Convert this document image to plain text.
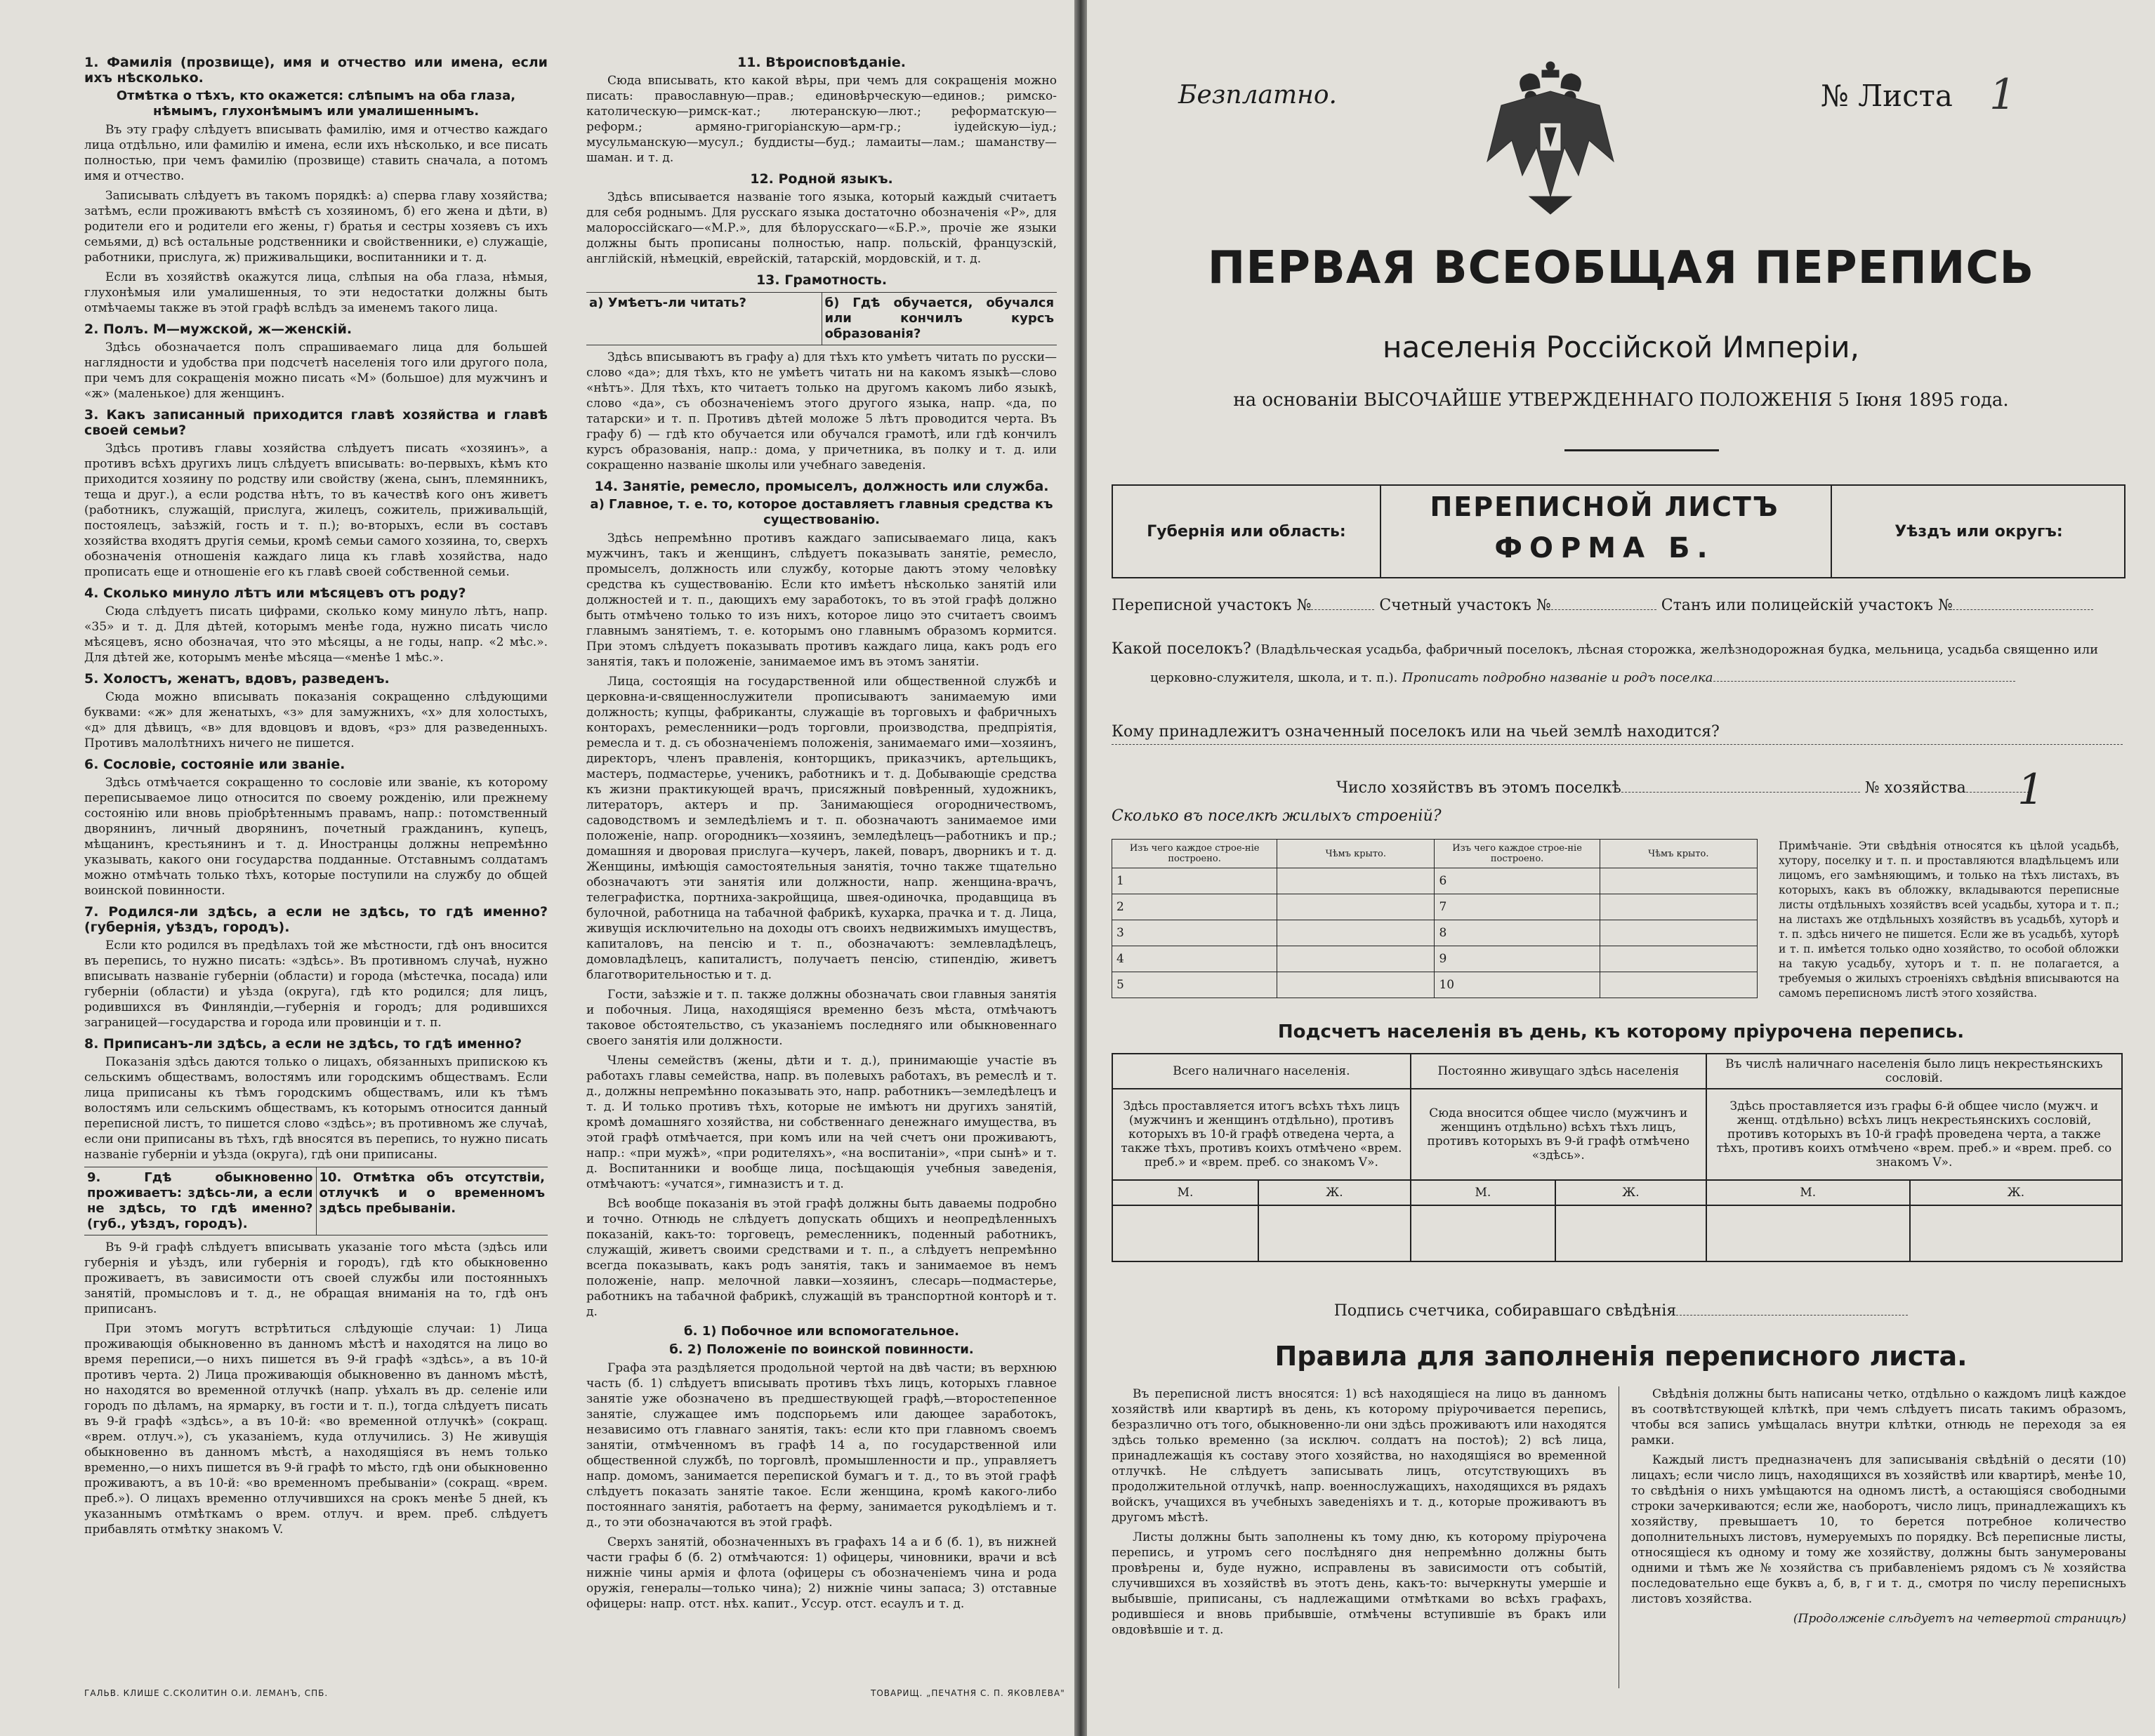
1. Фамилія (прозвище), имя и отчество или имена, если ихъ нѣсколько.
Отмѣтка о тѣхъ, кто окажется: слѣпымъ на оба глаза, нѣмымъ, глухонѣмымъ или умалишеннымъ.

Въ эту графу слѣдуетъ вписывать фамилію, имя и отчество каждаго лица отдѣльно, или фамилію и имена, если ихъ нѣсколько, и все писать полностью, при чемъ фамилію (прозвище) ставить сначала, а потомъ имя и отчество.

Записывать слѣдуетъ въ такомъ порядкѣ: а) сперва главу хозяйства; затѣмъ, если проживаютъ вмѣстѣ съ хозяиномъ, б) его жена и дѣти, в) родители его и родители его жены, г) братья и сестры хозяевъ съ ихъ семьями, д) всѣ остальные родственники и свойственники, е) служащіе, работники, прислуга, ж) приживальщики, воспитанники и т. д.

Если въ хозяйствѣ окажутся лица, слѣпыя на оба глаза, нѣмыя, глухонѣмыя или умалишенныя, то эти недостатки должны быть отмѣчаемы также въ этой графѣ вслѣдъ за именемъ такого лица.

2. Полъ. М—мужской, ж—женскій.

Здѣсь обозначается полъ спрашиваемаго лица для большей наглядности и удобства при подсчетѣ населенія того или другого пола, при чемъ для сокращенія можно писать «М» (большое) для мужчинъ и «ж» (маленькое) для женщинъ.

3. Какъ записанный приходится главѣ хозяйства и главѣ своей семьи?

Здѣсь противъ главы хозяйства слѣдуетъ писать «хозяинъ», а противъ всѣхъ другихъ лицъ слѣдуетъ вписывать: во-первыхъ, кѣмъ кто приходится хозяину по родству или свойству (жена, сынъ, племянникъ, теща и друг.), а если родства нѣтъ, то въ качествѣ кого онъ живетъ (работникъ, служащій, прислуга, жилецъ, сожитель, приживальщій, постоялецъ, заѣзжій, гость и т. п.); во-вторыхъ, если въ составъ хозяйства входятъ другія семьи, кромѣ семьи самого хозяина, то, сверхъ обозначенія отношенія каждаго лица къ главѣ хозяйства, надо прописать еще и отношеніе его къ главѣ своей собственной семьи.

4. Сколько минуло лѣтъ или мѣсяцевъ отъ роду?

Сюда слѣдуетъ писать цифрами, сколько кому минуло лѣтъ, напр. «35» и т. д. Для дѣтей, которымъ менѣе года, нужно писать число мѣсяцевъ, ясно обозначая, что это мѣсяцы, а не годы, напр. «2 мѣс.». Для дѣтей же, которымъ менѣе мѣсяца—«менѣе 1 мѣс.».

5. Холостъ, женатъ, вдовъ, разведенъ.

Сюда можно вписывать показанія сокращенно слѣдующими буквами: «ж» для женатыхъ, «з» для замужнихъ, «х» для холостыхъ, «д» для дѣвицъ, «в» для вдовцовъ и вдовъ, «рз» для разведенныхъ. Противъ малолѣтнихъ ничего не пишется.

6. Сословіе, состояніе или званіе.

Здѣсь отмѣчается сокращенно то сословіе или званіе, къ которому переписываемое лицо относится по своему рожденію, или прежнему состоянію или вновь пріобрѣтеннымъ правамъ, напр.: потомственный дворянинъ, личный дворянинъ, почетный гражданинъ, купецъ, мѣщанинъ, крестьянинъ и т. д. Иностранцы должны непремѣнно указывать, какого они государства подданные. Отставнымъ солдатамъ можно отмѣчать только тѣхъ, которые поступили на службу до общей воинской повинности.

7. Родился-ли здѣсь, а если не здѣсь, то гдѣ именно? (губернія, уѣздъ, городъ).

Если кто родился въ предѣлахъ той же мѣстности, гдѣ онъ вносится въ перепись, то нужно писать: «здѣсь». Въ противномъ случаѣ, нужно вписывать названіе губерніи (области) и города (мѣстечка, посада) или губерніи (области) и уѣзда (округа), гдѣ кто родился; для лицъ, родившихся въ Финляндіи,—губернія и городъ; для родившихся заграницей—государства и города или провинціи и т. п.

8. Приписанъ-ли здѣсь, а если не здѣсь, то гдѣ именно?

Показанія здѣсь даются только о лицахъ, обязанныхъ припискою къ сельскимъ обществамъ, волостямъ или городскимъ обществамъ. Если лица приписаны къ тѣмъ городскимъ обществамъ, или къ тѣмъ волостямъ или сельскимъ обществамъ, къ которымъ относится данный переписной листъ, то пишется слово «здѣсь»; въ противномъ же случаѣ, если они приписаны въ тѣхъ, гдѣ вносятся въ перепись, то нужно писать названіе губерніи и уѣзда (округа), гдѣ они приписаны.

9. Гдѣ обыкновенно проживаетъ: здѣсь-ли, а если не здѣсь, то гдѣ именно? (губ., уѣздъ, городъ).
10. Отмѣтка объ отсутствіи, отлучкѣ и о временномъ здѣсь пребываніи.

Въ 9-й графѣ слѣдуетъ вписывать указаніе того мѣста (здѣсь или губернія и уѣздъ, или губернія и городъ), гдѣ кто обыкновенно проживаетъ, въ зависимости отъ своей службы или постоянныхъ занятій, промысловъ и т. д., не обращая вниманія на то, гдѣ онъ приписанъ.

При этомъ могутъ встрѣтиться слѣдующіе случаи: 1) Лица проживающія обыкновенно въ данномъ мѣстѣ и находятся на лицо во время переписи,—о нихъ пишется въ 9-й графѣ «здѣсь», а въ 10-й противъ черта. 2) Лица проживающія обыкновенно въ данномъ мѣстѣ, но находятся во временной отлучкѣ (напр. уѣхалъ въ др. селеніе или городъ по дѣламъ, на ярмарку, въ гости и т. п.), тогда слѣдуетъ писать въ 9-й графѣ «здѣсь», а въ 10-й: «во временной отлучкѣ» (сокращ. «врем. отлуч.»), съ указаніемъ, куда отлучились. 3) Не живущія обыкновенно въ данномъ мѣстѣ, а находящіяся въ немъ только временно,—о нихъ пишется въ 9-й графѣ то мѣсто, гдѣ они обыкновенно проживаютъ, а въ 10-й: «во временномъ пребываніи» (сокращ. «врем. преб.»). О лицахъ временно отлучившихся на срокъ менѣе 5 дней, къ указаннымъ отмѣткамъ о врем. отлуч. и врем. преб. слѣдуетъ прибавлять отмѣтку знакомъ V.

11. Вѣроисповѣданіе.

Сюда вписывать, кто какой вѣры, при чемъ для сокращенія можно писать: православную—прав.; единовѣрческую—единов.; римско-католическую—римск-кат.; лютеранскую—лют.; реформатскую—реформ.; армяно-григоріанскую—арм-гр.; іудейскую—іуд.; мусульманскую—мусул.; буддисты—буд.; ламаиты—лам.; шаманству—шаман. и т. д.

12. Родной языкъ.

Здѣсь вписывается названіе того языка, который каждый считаетъ для себя роднымъ. Для русскаго языка достаточно обозначенія «Р», для малороссійскаго—«М.Р.», для бѣлорусскаго—«Б.Р.», прочіе же языки должны быть прописаны полностью, напр. польскій, французскій, англійскій, нѣмецкій, еврейскій, татарскій, мордовскій, и т. д.

13. Грамотность.
а) Умѣетъ-ли читать?	б) Гдѣ обучается, обучался или кончилъ курсъ образованія?

Здѣсь вписываютъ въ графу а) для тѣхъ кто умѣетъ читать по русски—слово «да»; для тѣхъ, кто не умѣетъ читать ни на какомъ языкѣ—слово «нѣтъ». Для тѣхъ, кто читаетъ только на другомъ какомъ либо языкѣ, слово «да», съ обозначеніемъ этого другого языка, напр. «да, по татарски» и т. п. Противъ дѣтей моложе 5 лѣтъ проводится черта. Въ графу б) — гдѣ кто обучается или обучался грамотѣ, или гдѣ кончилъ курсъ образованія, напр.: дома, у причетника, въ полку и т. д. или сокращенно названіе школы или учебнаго заведенія.

14. Занятіе, ремесло, промыселъ, должность или служба.
а) Главное, т. е. то, которое доставляетъ главныя средства къ существованію.

Здѣсь непремѣнно противъ каждаго записываемаго лица, какъ мужчинъ, такъ и женщинъ, слѣдуетъ показывать занятіе, ремесло, промыселъ, должность или службу, которые даютъ этому человѣку средства къ существованію. Если кто имѣетъ нѣсколько занятій или должностей и т. п., дающихъ ему заработокъ, то въ этой графѣ должно быть отмѣчено только то изъ нихъ, которое лицо это считаетъ своимъ главнымъ занятіемъ, т. е. которымъ оно главнымъ образомъ кормится. При этомъ слѣдуетъ показывать противъ каждаго лица, какъ родъ его занятія, такъ и положеніе, занимаемое имъ въ этомъ занятіи.

Лица, состоящія на государственной или общественной службѣ и церковна-и-священнослужители прописываютъ занимаемую ими должность; купцы, фабриканты, служащіе въ торговыхъ и фабричныхъ конторахъ, ремесленники—родъ торговли, производства, предпріятія, ремесла и т. д. съ обозначеніемъ положенія, занимаемаго ими—хозяинъ, директоръ, членъ правленія, конторщикъ, приказчикъ, артельщикъ, мастеръ, подмастерье, ученикъ, работникъ и т. д. Добывающіе средства къ жизни практикующей врачъ, присяжный повѣренный, художникъ, литераторъ, актеръ и пр. Занимающіеся огородничествомъ, садоводствомъ и земледѣліемъ и т. п. обозначаютъ занимаемое ими положеніе, напр. огородникъ—хозяинъ, земледѣлецъ—работникъ и пр.; домашняя и дворовая прислуга—кучеръ, лакей, поваръ, дворникъ и т. д. Женщины, имѣющія самостоятельныя занятія, точно также тщательно обозначаютъ эти занятія или должности, напр. женщина-врачъ, телеграфистка, портниха-закройщица, швея-одиночка, продавщица въ булочной, работница на табачной фабрикѣ, кухарка, прачка и т. д. Лица, живущія исключительно на доходы отъ своихъ недвижимыхъ имуществъ, капиталовъ, на пенсію и т. п., обозначаютъ: землевладѣлецъ, домовладѣлецъ, капиталистъ, получаетъ пенсію, стипендію, живетъ благотворительностью и т. д.

Гости, заѣзжіе и т. п. также должны обозначать свои главныя занятія и побочныя. Лица, находящіяся временно безъ мѣста, отмѣчаютъ таковое обстоятельство, съ указаніемъ последняго или обыкновеннаго своего занятія или должности.

Члены семействъ (жены, дѣти и т. д.), принимающіе участіе въ работахъ главы семейства, напр. въ полевыхъ работахъ, въ ремеслѣ и т. д., должны непремѣнно показывать это, напр. работникъ—земледѣлецъ и т. д. И только противъ тѣхъ, которые не имѣютъ ни другихъ занятій, кромѣ домашняго хозяйства, ни собственнаго денежнаго имущества, въ этой графѣ отмѣчается, при комъ или на чей счетъ они проживаютъ, напр.: «при мужѣ», «при родителяхъ», «на воспитаніи», «при сынѣ» и т. д. Воспитанники и вообще лица, посѣщающія учебныя заведенія, отмѣчаютъ: «учатся», гимназистъ и т. д.

Всѣ вообще показанія въ этой графѣ должны быть даваемы подробно и точно. Отнюдь не слѣдуетъ допускать общихъ и неопредѣленныхъ показаній, какъ-то: торговецъ, ремесленникъ, поденный работникъ, служащій, живетъ своими средствами и т. п., а слѣдуетъ непремѣнно всегда показывать, какъ родъ занятія, такъ и занимаемое въ немъ положеніе, напр. мелочной лавки—хозяинъ, слесарь—подмастерье, работникъ на табачной фабрикѣ, служащій въ транспортной конторѣ и т. д.

б. 1) Побочное или вспомогательное.
б. 2) Положеніе по воинской повинности.

Графа эта раздѣляется продольной чертой на двѣ части; въ верхнюю часть (б. 1) слѣдуетъ вписывать противъ тѣхъ лицъ, которыхъ главное занятіе уже обозначено въ предшествующей графѣ,—второстепенное занятіе, служащее имъ подспорьемъ или дающее заработокъ, независимо отъ главнаго занятія, такъ: если кто при главномъ своемъ занятіи, отмѣченномъ въ графѣ 14 а, по государственной или общественной службѣ, по торговлѣ, промышленности и пр., управляетъ напр. домомъ, занимается перепиской бумагъ и т. д., то въ этой графѣ слѣдуетъ показать занятіе такое. Если женщина, кромѣ какого-либо постояннаго занятія, работаетъ на ферму, занимается рукодѣліемъ и т. д., то эти обозначаются въ этой графѣ.

Сверхъ занятій, обозначенныхъ въ графахъ 14 а и б (б. 1), въ нижней части графы б (б. 2) отмѣчаются: 1) офицеры, чиновники, врачи и всѣ нижніе чины армія и флота (офицеры съ обозначеніемъ чина и рода оружія, генералы—только чина); 2) нижніе чины запаса; 3) отставные офицеры: напр. отст. нѣх. капит., Уссур. отст. есаулъ и т. д.

ГАЛЬВ. КЛИШЕ С.СКОЛИТИН О.И. ЛЕМАНЪ, СПБ.	ТОВАРИЩ. „ПЕЧАТНЯ С. П. ЯКОВЛЕВА"
Безплатно.	№ Листа 1
ПЕРВАЯ ВСЕОБЩАЯ ПЕРЕПИСЬ
населенія Россійской Имперіи,
на основаніи ВЫСОЧАЙШЕ УТВЕРЖДЕННАГО ПОЛОЖЕНІЯ 5 Іюня 1895 года.
Губернія или область:
ПЕРЕПИСНОЙ ЛИСТЪ
ФОРМА Б.
Уѣздъ или округъ:
Переписной участокъ №	Счетный участокъ №	Станъ или полицейскій участокъ №
Какой поселокъ? (Владѣльческая усадьба, фабричный поселокъ, лѣсная сторожка, желѣзнодорожная будка, мельница, усадьба священно или
церковно-служителя, школа, и т. п.). Прописать подробно названіе и родъ поселка
Кому принадлежитъ означенный поселокъ или на чьей землѣ находится?
Число хозяйствъ въ этомъ поселкѣ	№ хозяйства	1
Сколько въ поселкѣ жилыхъ строеній?
Изъ чего каждое строе-ніе построено.	Чѣмъ крыто.	Изъ чего каждое строе-ніе построено.	Чѣмъ крыто.
1		6	
2		7	
3		8	
4		9	
5		10	
Примѣчаніе. Эти свѣдѣнія относятся къ цѣлой усадьбѣ, хутору, поселку и т. п. и проставляются владѣльцемъ или лицомъ, его замѣняющимъ, и только на тѣхъ листахъ, въ которыхъ, какъ въ обложку, вкладываются переписные листы отдѣльныхъ хозяйствъ всей усадьбы, хутора и т. п.; на листахъ же отдѣльныхъ хозяйствъ въ усадьбѣ, хуторѣ и т. п. здѣсь ничего не пишется. Если же въ усадьбѣ, хуторѣ и т. п. имѣется только одно хозяйство, то особой обложки на такую усадьбу, хуторъ и т. п. не полагается, а требуемыя о жилыхъ строеніяхъ свѣдѣнія вписываются на самомъ переписномъ листѣ этого хозяйства.
Подсчетъ населенія въ день, къ которому пріурочена перепись.
Всего наличнаго населенія.		Постоянно живущаго здѣсь населенія		Въ числѣ наличнаго населенія было лицъ некрестьянскихъ сословій.	
Здѣсь проставляется итогъ всѣхъ тѣхъ лицъ (мужчинъ и женщинъ отдѣльно), противъ которыхъ въ 10-й графѣ отведена черта, а также тѣхъ, противъ коихъ отмѣчено «врем. преб.» и «врем. преб. со знакомъ V».		Сюда вносится общее число (мужчинъ и женщинъ отдѣльно) всѣхъ тѣхъ лицъ, противъ которыхъ въ 9-й графѣ отмѣчено «здѣсь».		Здѣсь проставляется изъ графы 6-й общее число (мужч. и женщ. отдѣльно) всѣхъ лицъ некрестьянскихъ сословій, противъ которыхъ въ 10-й графѣ проведена черта, а также тѣхъ, противъ коихъ отмѣчено «врем. преб.» и «врем. преб. со знакомъ V».	
М.	Ж.	М.	Ж.	М.	Ж.

Подпись счетчика, собиравшаго свѣдѣнія
Правила для заполненія переписного листа.

Въ переписной листъ вносятся: 1) всѣ находящіеся на лицо въ данномъ хозяйствѣ или квартирѣ въ день, къ которому пріурочивается перепись, безразлично отъ того, обыкновенно-ли они здѣсь проживаютъ или находятся здѣсь только временно (за исключ. солдатъ на постоѣ); 2) всѣ лица, принадлежащія къ составу этого хозяйства, но находящіяся во временной отлучкѣ. Не слѣдуетъ записывать лицъ, отсутствующихъ въ продолжительной отлучкѣ, напр. военнослужащихъ, находящихся въ рядахъ войскъ, учащихся въ учебныхъ заведеніяхъ и т. д., которые проживаютъ въ другомъ мѣстѣ.

Листы должны быть заполнены къ тому дню, къ которому пріурочена перепись, и утромъ сего послѣдняго дня непремѣнно должны быть провѣрены и, буде нужно, исправлены въ зависимости отъ событій, случившихся въ хозяйствѣ въ этотъ день, какъ-то: вычеркнуты умершіе и выбывшіе, приписаны, съ надлежащими отмѣтками во всѣхъ графахъ, родившіеся и вновь прибывшіе, отмѣчены вступившіе въ бракъ или овдовѣвшіе и т. д.

Свѣдѣнія должны быть написаны четко, отдѣльно о каждомъ лицѣ каждое въ соотвѣтствующей клѣткѣ, при чемъ слѣдуетъ писать такимъ образомъ, чтобы вся запись умѣщалась внутри клѣтки, отнюдь не переходя за ея рамки.

Каждый листъ предназначенъ для записыванія свѣдѣній о десяти (10) лицахъ; если число лицъ, находящихся въ хозяйствѣ или квартирѣ, менѣе 10, то свѣдѣнія о нихъ умѣщаются на одномъ листѣ, а остающіяся свободными строки зачеркиваются; если же, наоборотъ, число лицъ, принадлежащихъ къ хозяйству, превышаетъ 10, то берется потребное количество дополнительныхъ листовъ, нумеруемыхъ по порядку. Всѣ переписные листы, относящіеся къ одному и тому же хозяйству, должны быть занумерованы одними и тѣмъ же № хозяйства съ прибавленіемъ рядомъ съ № хозяйства последовательно еще буквъ а, б, в, г и т. д., смотря по числу переписныхъ листовъ хозяйства.

(Продолженіе слѣдуетъ на четвертой страницѣ)
